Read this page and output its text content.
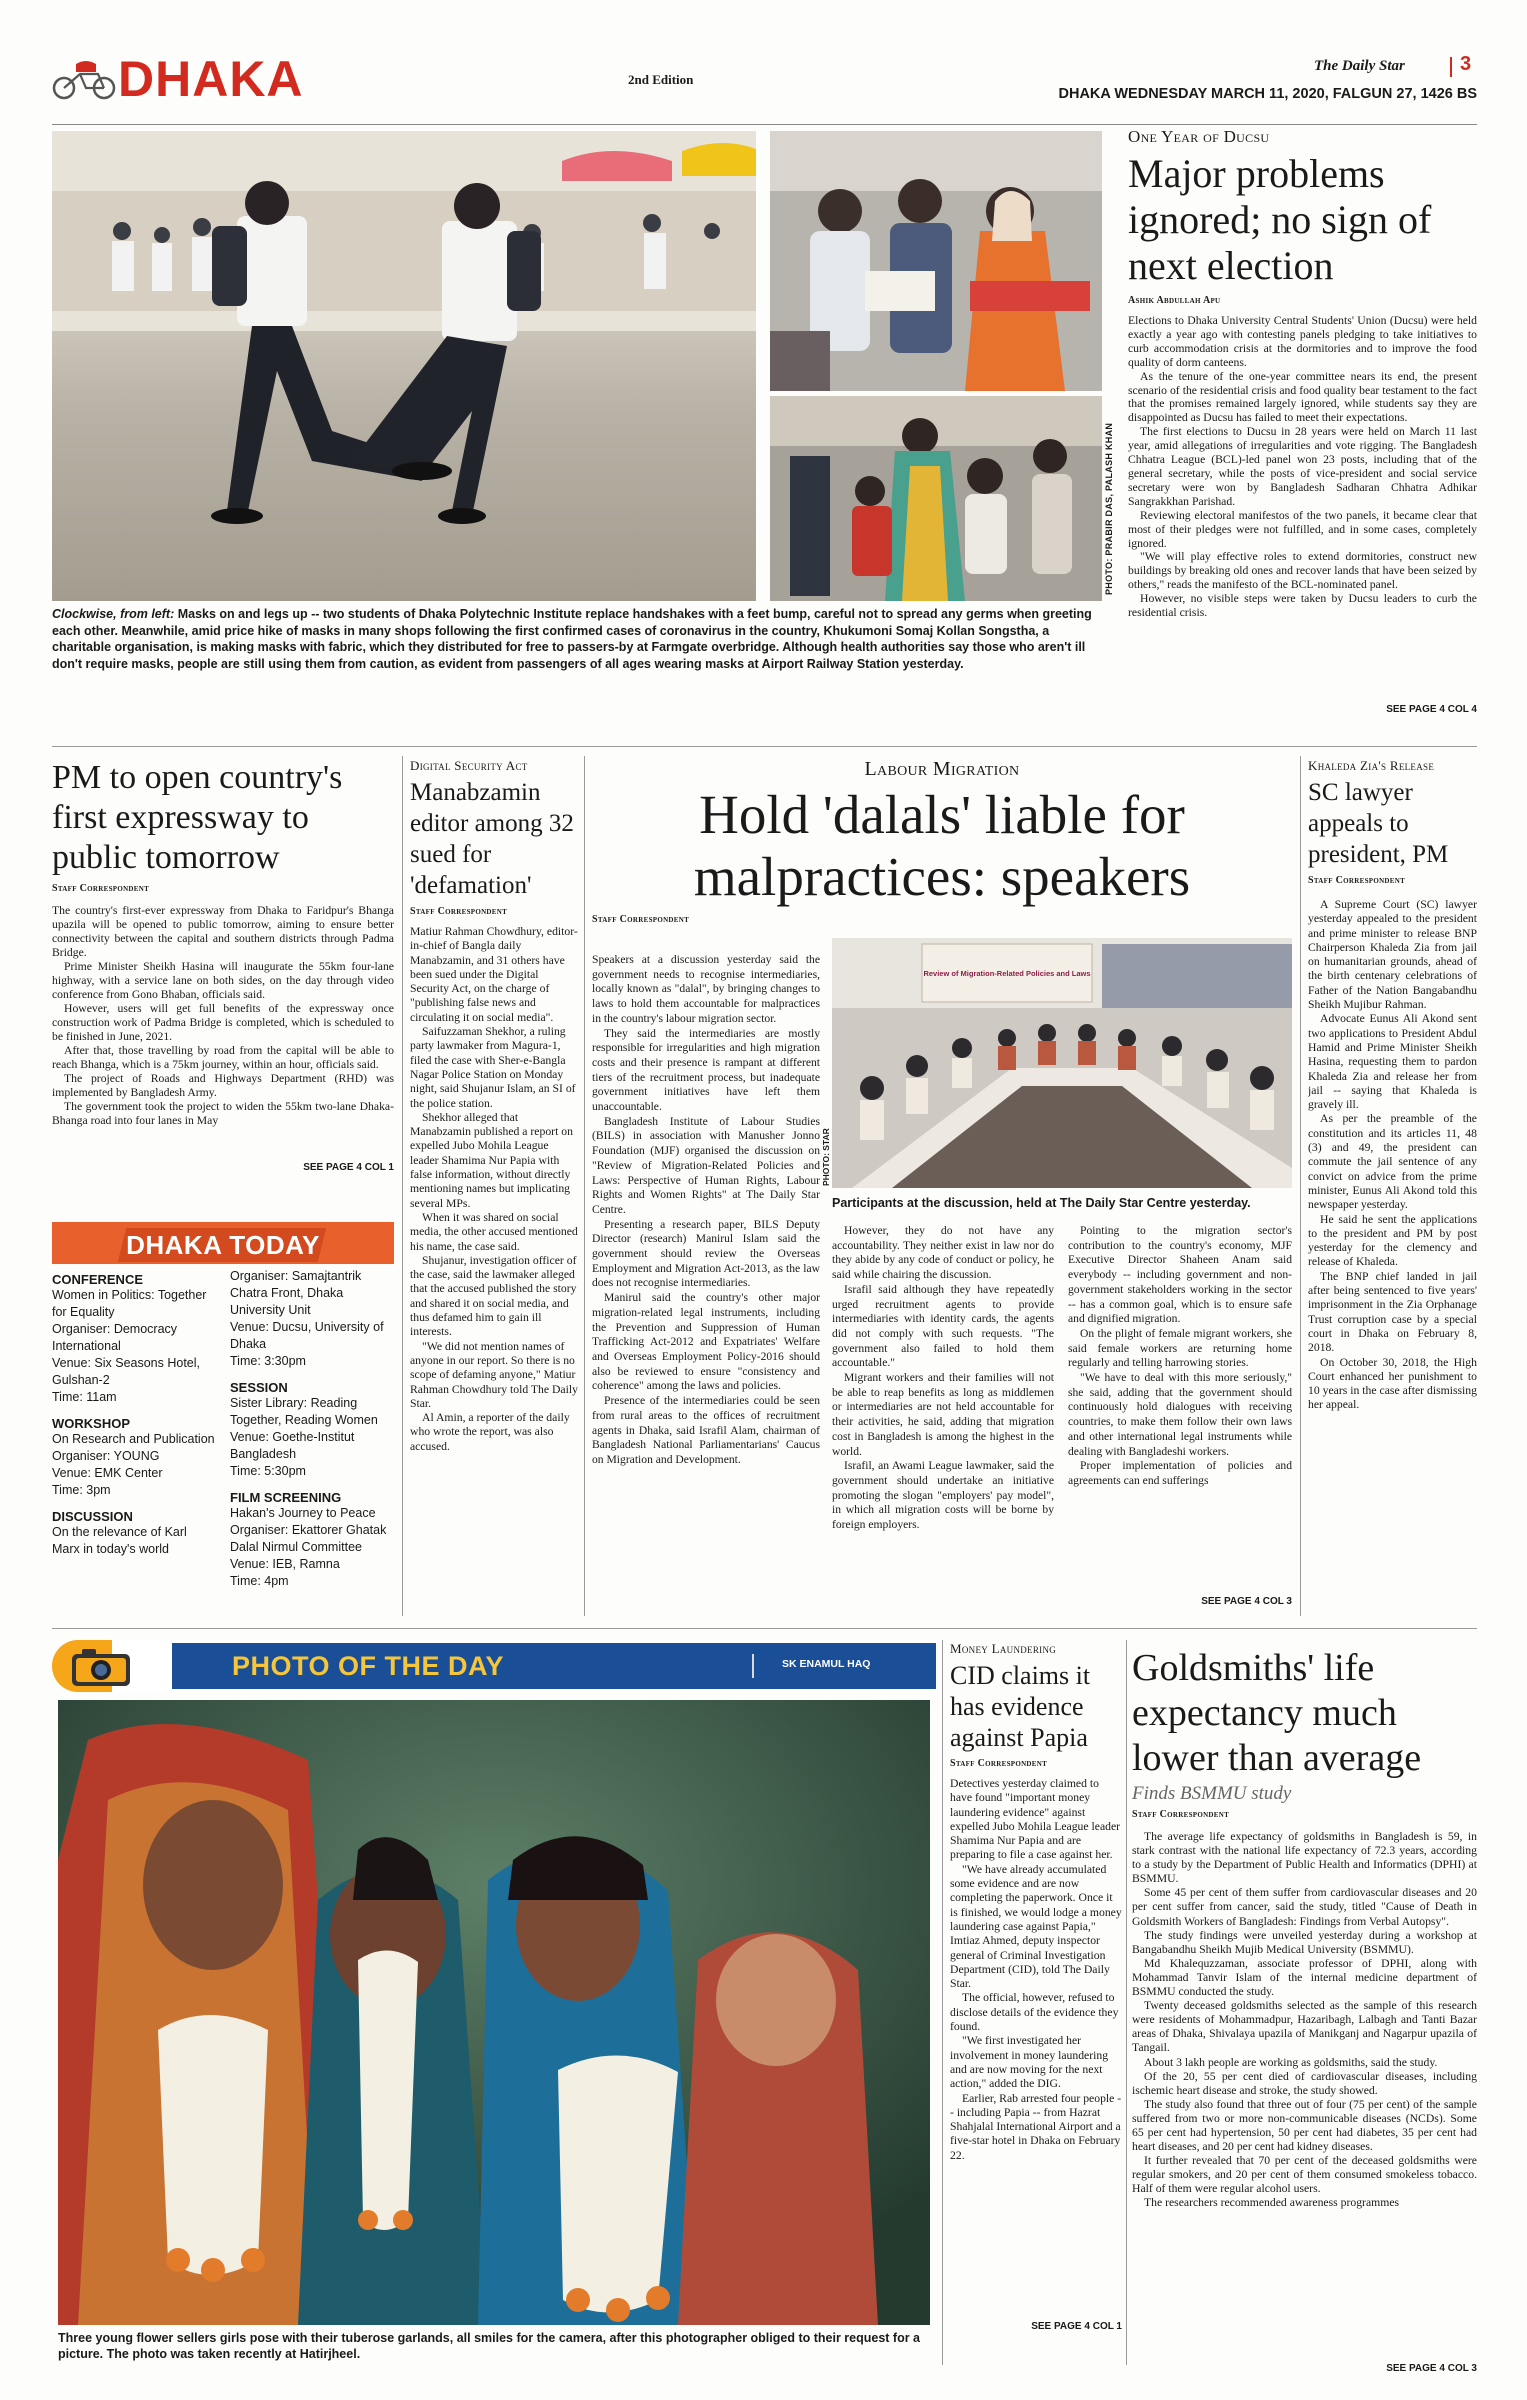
DHAKA	2nd Edition
The Daily Star	3
DHAKA WEDNESDAY MARCH 11, 2020, FALGUN 27, 1426 BS
PHOTO: PRABIR DAS, PALASH KHAN
Clockwise, from left: Masks on and legs up -- two students of Dhaka Polytechnic Institute replace handshakes with a feet bump, careful not to spread any germs when greeting each other. Meanwhile, amid price hike of masks in many shops following the first confirmed cases of coronavirus in the country, Khukumoni Somaj Kollan Songstha, a charitable organisation, is making masks with fabric, which they distributed for free to passers-by at Farmgate overbridge. Although health authorities say those who aren't ill don't require masks, people are still using them from caution, as evident from passengers of all ages wearing masks at Airport Railway Station yesterday.
One Year of Ducsu
Major problems ignored; no sign of next election
Ashik Abdullah Apu

Elections to Dhaka University Central Students' Union (Ducsu) were held exactly a year ago with contesting panels pledging to take initiatives to curb accommodation crisis at the dormitories and to improve the food quality of dorm canteens.

As the tenure of the one-year committee nears its end, the present scenario of the residential crisis and food quality bear testament to the fact that the promises remained largely ignored, while students say they are disappointed as Ducsu has failed to meet their expectations.

The first elections to Ducsu in 28 years were held on March 11 last year, amid allegations of irregularities and vote rigging. The Bangladesh Chhatra League (BCL)-led panel won 23 posts, including that of the general secretary, while the posts of vice-president and social service secretary were won by Bangladesh Sadharan Chhatra Adhikar Sangrakkhan Parishad.

Reviewing electoral manifestos of the two panels, it became clear that most of their pledges were not fulfilled, and in some cases, completely ignored.

"We will play effective roles to extend dormitories, construct new buildings by breaking old ones and recover lands that have been seized by others," reads the manifesto of the BCL-nominated panel.

However, no visible steps were taken by Ducsu leaders to curb the residential crisis.

SEE PAGE 4 COL 4
PM to open country's first expressway to public tomorrow
Staff Correspondent

The country's first-ever expressway from Dhaka to Faridpur's Bhanga upazila will be opened to public tomorrow, aiming to ensure better connectivity between the capital and southern districts through Padma Bridge.

Prime Minister Sheikh Hasina will inaugurate the 55km four-lane highway, with a service lane on both sides, on the day through video conference from Gono Bhaban, officials said.

However, users will get full benefits of the expressway once construction work of Padma Bridge is completed, which is scheduled to be finished in June, 2021.

After that, those travelling by road from the capital will be able to reach Bhanga, which is a 75km journey, within an hour, officials said.

The project of Roads and Highways Department (RHD) was implemented by Bangladesh Army.

The government took the project to widen the 55km two-lane Dhaka-Bhanga road into four lanes in May

SEE PAGE 4 COL 1
DHAKA TODAY
CONFERENCE
Women in Politics: Together for Equality
Organiser: Democracy International
Venue: Six Seasons Hotel, Gulshan-2
Time: 11am
WORKSHOP
On Research and Publication
Organiser: YOUNG
Venue: EMK Center
Time: 3pm
DISCUSSION
On the relevance of Karl Marx in today's world
Organiser: Samajtantrik Chatra Front, Dhaka University Unit
Venue: Ducsu, University of Dhaka
Time: 3:30pm
SESSION
Sister Library: Reading Together, Reading Women
Venue: Goethe-Institut Bangladesh
Time: 5:30pm
FILM SCREENING
Hakan's Journey to Peace
Organiser: Ekattorer Ghatak Dalal Nirmul Committee
Venue: IEB, Ramna
Time: 4pm
Digital Security Act
Manabzamin editor among 32 sued for 'defamation'
Staff Correspondent

Matiur Rahman Chowdhury, editor-in-chief of Bangla daily Manabzamin, and 31 others have been sued under the Digital Security Act, on the charge of "publishing false news and circulating it on social media".

Saifuzzaman Shekhor, a ruling party lawmaker from Magura-1, filed the case with Sher-e-Bangla Nagar Police Station on Monday night, said Shujanur Islam, an SI of the police station.

Shekhor alleged that Manabzamin published a report on expelled Jubo Mohila League leader Shamima Nur Papia with false information, without directly mentioning names but implicating several MPs.

When it was shared on social media, the other accused mentioned his name, the case said.

Shujanur, investigation officer of the case, said the lawmaker alleged that the accused published the story and shared it on social media, and thus defamed him to gain ill interests.

"We did not mention names of anyone in our report. So there is no scope of defaming anyone," Matiur Rahman Chowdhury told The Daily Star.

Al Amin, a reporter of the daily who wrote the report, was also accused.

Labour Migration
Hold 'dalals' liable for malpractices: speakers
Staff Correspondent

Speakers at a discussion yesterday said the government needs to recognise intermediaries, locally known as "dalal", by bringing changes to laws to hold them accountable for malpractices in the country's labour migration sector.

They said the intermediaries are mostly responsible for irregularities and high migration costs and their presence is rampant at different tiers of the recruitment process, but inadequate government initiatives have left them unaccountable.

Bangladesh Institute of Labour Studies (BILS) in association with Manusher Jonno Foundation (MJF) organised the discussion on "Review of Migration-Related Policies and Laws: Perspective of Human Rights, Labour Rights and Women Rights" at The Daily Star Centre.

Presenting a research paper, BILS Deputy Director (research) Manirul Islam said the government should review the Overseas Employment and Migration Act-2013, as the law does not recognise intermediaries.

Manirul said the country's other major migration-related legal instruments, including the Prevention and Suppression of Human Trafficking Act-2012 and Expatriates' Welfare and Overseas Employment Policy-2016 should also be reviewed to ensure "consistency and coherence" among the laws and policies.

Presence of the intermediaries could be seen from rural areas to the offices of recruitment agents in Dhaka, said Israfil Alam, chairman of Bangladesh National Parliamentarians' Caucus on Migration and Development.

Review of Migration-Related Policies and Laws
PHOTO: STAR
Participants at the discussion, held at The Daily Star Centre yesterday.

However, they do not have any accountability. They neither exist in law nor do they abide by any code of conduct or policy, he said while chairing the discussion.

Israfil said although they have repeatedly urged recruitment agents to provide intermediaries with identity cards, the agents did not comply with such requests. "The government also failed to hold them accountable."

Migrant workers and their families will not be able to reap benefits as long as middlemen or intermediaries are not held accountable for their activities, he said, adding that migration cost in Bangladesh is among the highest in the world.

Israfil, an Awami League lawmaker, said the government should undertake an initiative promoting the slogan "employers' pay model", in which all migration costs will be borne by foreign employers.

Pointing to the migration sector's contribution to the country's economy, MJF Executive Director Shaheen Anam said everybody -- including government and non-government stakeholders working in the sector -- has a common goal, which is to ensure safe and dignified migration.

On the plight of female migrant workers, she said female workers are returning home regularly and telling harrowing stories.

"We have to deal with this more seriously," she said, adding that the government should continuously hold dialogues with receiving countries, to make them follow their own laws and other international legal instruments while dealing with Bangladeshi workers.

Proper implementation of policies and agreements can end sufferings

SEE PAGE 4 COL 3
Khaleda Zia's Release
SC lawyer appeals to president, PM
Staff Correspondent

A Supreme Court (SC) lawyer yesterday appealed to the president and prime minister to release BNP Chairperson Khaleda Zia from jail on humanitarian grounds, ahead of the birth centenary celebrations of Father of the Nation Bangabandhu Sheikh Mujibur Rahman.

Advocate Eunus Ali Akond sent two applications to President Abdul Hamid and Prime Minister Sheikh Hasina, requesting them to pardon Khaleda Zia and release her from jail -- saying that Khaleda is gravely ill.

As per the preamble of the constitution and its articles 11, 48 (3) and 49, the president can commute the jail sentence of any convict on advice from the prime minister, Eunus Ali Akond told this newspaper yesterday.

He said he sent the applications to the president and PM by post yesterday for the clemency and release of Khaleda.

The BNP chief landed in jail after being sentenced to five years' imprisonment in the Zia Orphanage Trust corruption case by a special court in Dhaka on February 8, 2018.

On October 30, 2018, the High Court enhanced her punishment to 10 years in the case after dismissing her appeal.

PHOTO OF THE DAY	SK ENAMUL HAQ
Three young flower sellers girls pose with their tuberose garlands, all smiles for the camera, after this photographer obliged to their request for a picture. The photo was taken recently at Hatirjheel.
Money Laundering
CID claims it has evidence against Papia
Staff Correspondent

Detectives yesterday claimed to have found "important money laundering evidence" against expelled Jubo Mohila League leader Shamima Nur Papia and are preparing to file a case against her.

"We have already accumulated some evidence and are now completing the paperwork. Once it is finished, we would lodge a money laundering case against Papia," Imtiaz Ahmed, deputy inspector general of Criminal Investigation Department (CID), told The Daily Star.

The official, however, refused to disclose details of the evidence they found.

"We first investigated her involvement in money laundering and are now moving for the next action," added the DIG.

Earlier, Rab arrested four people -- including Papia -- from Hazrat Shahjalal International Airport and a five-star hotel in Dhaka on February 22.

SEE PAGE 4 COL 1
Goldsmiths' life expectancy much lower than average
Finds BSMMU study
Staff Correspondent

The average life expectancy of goldsmiths in Bangladesh is 59, in stark contrast with the national life expectancy of 72.3 years, according to a study by the Department of Public Health and Informatics (DPHI) at BSMMU.

Some 45 per cent of them suffer from cardiovascular diseases and 20 per cent suffer from cancer, said the study, titled "Cause of Death in Goldsmith Workers of Bangladesh: Findings from Verbal Autopsy".

The study findings were unveiled yesterday during a workshop at Bangabandhu Sheikh Mujib Medical University (BSMMU).

Md Khalequzzaman, associate professor of DPHI, along with Mohammad Tanvir Islam of the internal medicine department of BSMMU conducted the study.

Twenty deceased goldsmiths selected as the sample of this research were residents of Mohammadpur, Hazaribagh, Lalbagh and Tanti Bazar areas of Dhaka, Shivalaya upazila of Manikganj and Nagarpur upazila of Tangail.

About 3 lakh people are working as goldsmiths, said the study.

Of the 20, 55 per cent died of cardiovascular diseases, including ischemic heart disease and stroke, the study showed.

The study also found that three out of four (75 per cent) of the sample suffered from two or more non-communicable diseases (NCDs). Some 65 per cent had hypertension, 50 per cent had diabetes, 35 per cent had heart diseases, and 20 per cent had kidney diseases.

It further revealed that 70 per cent of the deceased goldsmiths were regular smokers, and 20 per cent of them consumed smokeless tobacco. Half of them were regular alcohol users.

The researchers recommended awareness programmes

SEE PAGE 4 COL 3
